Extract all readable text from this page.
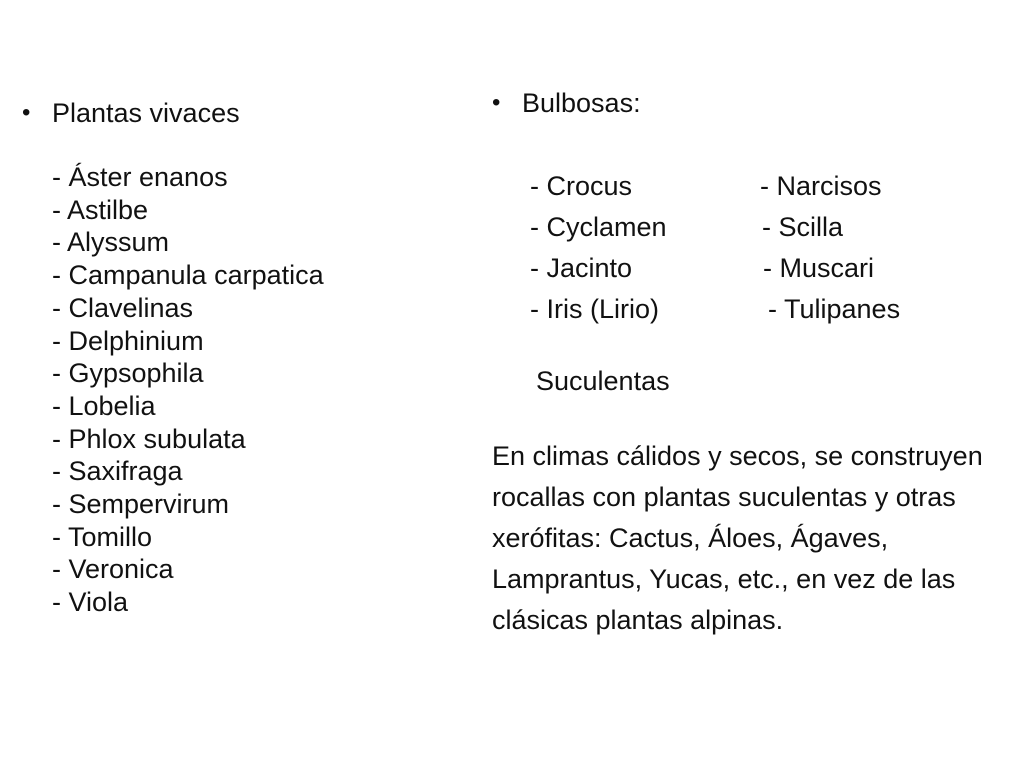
• Plantas vivaces
- Áster enanos
- Astilbe
- Alyssum
- Campanula carpatica
- Clavelinas
- Delphinium
- Gypsophila
- Lobelia
- Phlox subulata
- Saxifraga
- Sempervirum
- Tomillo
- Veronica
- Viola
• Bulbosas:
- Crocus	- Narcisos
- Cyclamen	- Scilla
- Jacinto	- Muscari
- Iris (Lirio)	- Tulipanes
Suculentas

En climas cálidos y secos, se construyen rocallas con plantas suculentas y otras xerófitas: Cactus, Áloes, Ágaves, Lamprantus, Yucas, etc., en vez de las clásicas plantas alpinas.
